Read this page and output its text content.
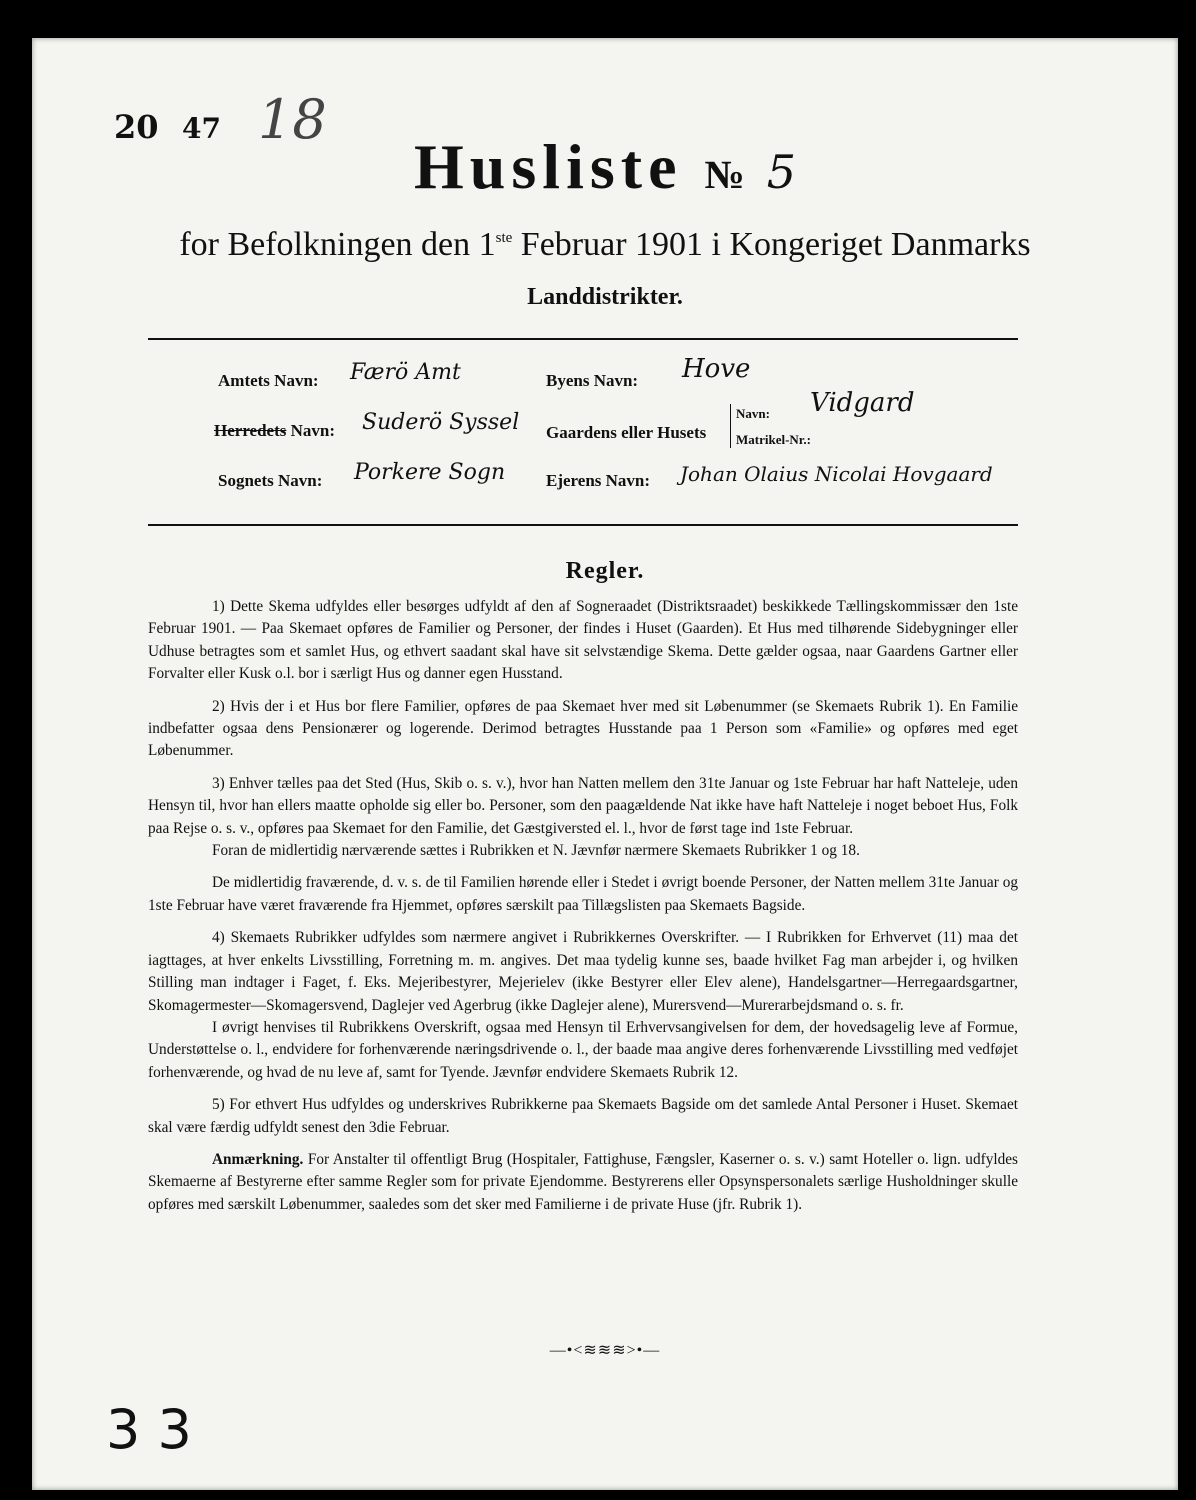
20 47 18
Husliste № 5
for Befolkningen den 1ste Februar 1901 i Kongeriget Danmarks
Landdistrikter.
Amtets Navn: Færö Amt
Herredets Navn: Suderö Syssel
Sognets Navn: Porkere Sogn
Byens Navn: Hove
Gaardens eller Husets
Navn: Vidgard
Matrikel-Nr.:
Ejerens Navn: Johan Olaius Nicolai Hovgaard
Regler.

1) Dette Skema udfyldes eller besørges udfyldt af den af Sogneraadet (Distriktsraadet) beskikkede Tællingskommissær den 1ste Februar 1901. — Paa Skemaet opføres de Familier og Personer, der findes i Huset (Gaarden). Et Hus med tilhørende Sidebygninger eller Udhuse betragtes som et samlet Hus, og ethvert saadant skal have sit selvstændige Skema. Dette gælder ogsaa, naar Gaardens Gartner eller Forvalter eller Kusk o.l. bor i særligt Hus og danner egen Husstand.

2) Hvis der i et Hus bor flere Familier, opføres de paa Skemaet hver med sit Løbenummer (se Skemaets Rubrik 1). En Familie indbefatter ogsaa dens Pensionærer og logerende. Derimod betragtes Husstande paa 1 Person som «Familie» og opføres med eget Løbenummer.

3) Enhver tælles paa det Sted (Hus, Skib o. s. v.), hvor han Natten mellem den 31te Januar og 1ste Februar har haft Natteleje, uden Hensyn til, hvor han ellers maatte opholde sig eller bo. Personer, som den paagældende Nat ikke have haft Natteleje i noget beboet Hus, Folk paa Rejse o. s. v., opføres paa Skemaet for den Familie, det Gæstgiversted el. l., hvor de først tage ind 1ste Februar.

Foran de midlertidig nærværende sættes i Rubrikken et N. Jævnfør nærmere Skemaets Rubrikker 1 og 18.

De midlertidig fraværende, d. v. s. de til Familien hørende eller i Stedet i øvrigt boende Personer, der Natten mellem 31te Januar og 1ste Februar have været fraværende fra Hjemmet, opføres særskilt paa Tillægslisten paa Skemaets Bagside.

4) Skemaets Rubrikker udfyldes som nærmere angivet i Rubrikkernes Overskrifter. — I Rubrikken for Erhvervet (11) maa det iagttages, at hver enkelts Livsstilling, Forretning m. m. angives. Det maa tydelig kunne ses, baade hvilket Fag man arbejder i, og hvilken Stilling man indtager i Faget, f. Eks. Mejeribestyrer, Mejerielev (ikke Bestyrer eller Elev alene), Handelsgartner—Herregaardsgartner, Skomagermester—Skomagersvend, Daglejer ved Agerbrug (ikke Daglejer alene), Murersvend—Murerarbejdsmand o. s. fr.

I øvrigt henvises til Rubrikkens Overskrift, ogsaa med Hensyn til Erhvervsangivelsen for dem, der hovedsagelig leve af Formue, Understøttelse o. l., endvidere for forhenværende næringsdrivende o. l., der baade maa angive deres forhenværende Livsstilling med vedføjet forhenværende, og hvad de nu leve af, samt for Tyende. Jævnfør endvidere Skemaets Rubrik 12.

5) For ethvert Hus udfyldes og underskrives Rubrikkerne paa Skemaets Bagside om det samlede Antal Personer i Huset. Skemaet skal være færdig udfyldt senest den 3die Februar.

Anmærkning. For Anstalter til offentligt Brug (Hospitaler, Fattighuse, Fængsler, Kaserner o. s. v.) samt Hoteller o. lign. udfyldes Skemaerne af Bestyrerne efter samme Regler som for private Ejendomme. Bestyrerens eller Opsynspersonalets særlige Husholdninger skulle opføres med særskilt Løbenummer, saaledes som det sker med Familierne i de private Huse (jfr. Rubrik 1).

—•<≋≋≋>•—
3 3
